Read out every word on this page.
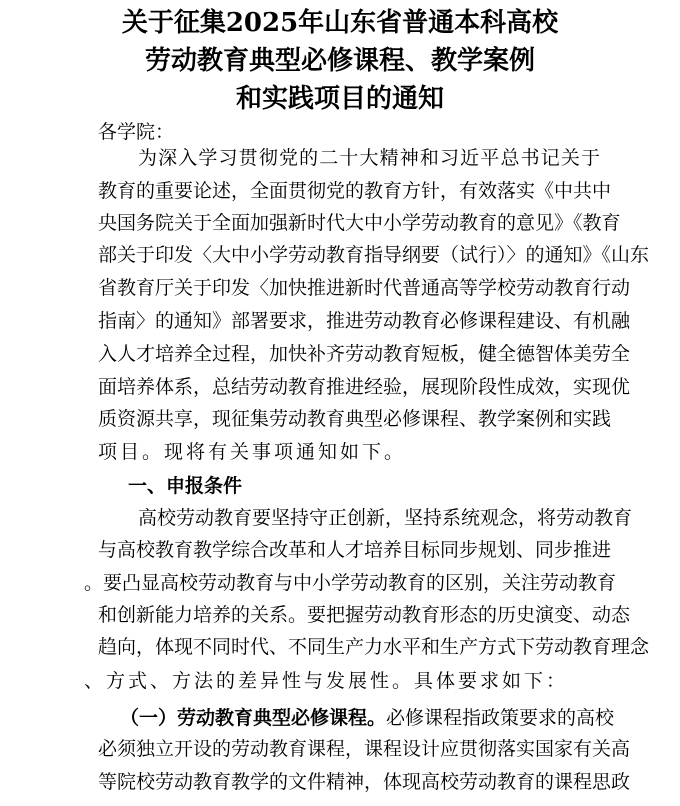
关于征集2025年山东省普通本科高校
劳动教育典型必修课程、教学案例
和实践项目的通知
各学院：
为深入学习贯彻党的二十大精神和习近平总书记关于
教育的重要论述，全面贯彻党的教育方针，有效落实《中共中
央国务院关于全面加强新时代大中小学劳动教育的意见》《教育
部关于印发〈大中小学劳动教育指导纲要（试行）〉的通知》《山东
省教育厅关于印发〈加快推进新时代普通高等学校劳动教育行动
指南〉的通知》部署要求，推进劳动教育必修课程建设、有机融
入人才培养全过程，加快补齐劳动教育短板，健全德智体美劳全
面培养体系，总结劳动教育推进经验，展现阶段性成效，实现优
质资源共享，现征集劳动教育典型必修课程、教学案例和实践
项目。现将有关事项通知如下。
一、申报条件
高校劳动教育要坚持守正创新，坚持系统观念，将劳动教育
与高校教育教学综合改革和人才培养目标同步规划、同步推进
。要凸显高校劳动教育与中小学劳动教育的区别，关注劳动教育
和创新能力培养的关系。要把握劳动教育形态的历史演变、动态
趋向，体现不同时代、不同生产力水平和生产方式下劳动教育理念
、方式、方法的差异性与发展性。具体要求如下：
（一）劳动教育典型必修课程。必修课程指政策要求的高校
必须独立开设的劳动教育课程，课程设计应贯彻落实国家有关高
等院校劳动教育教学的文件精神，体现高校劳动教育的课程思政
